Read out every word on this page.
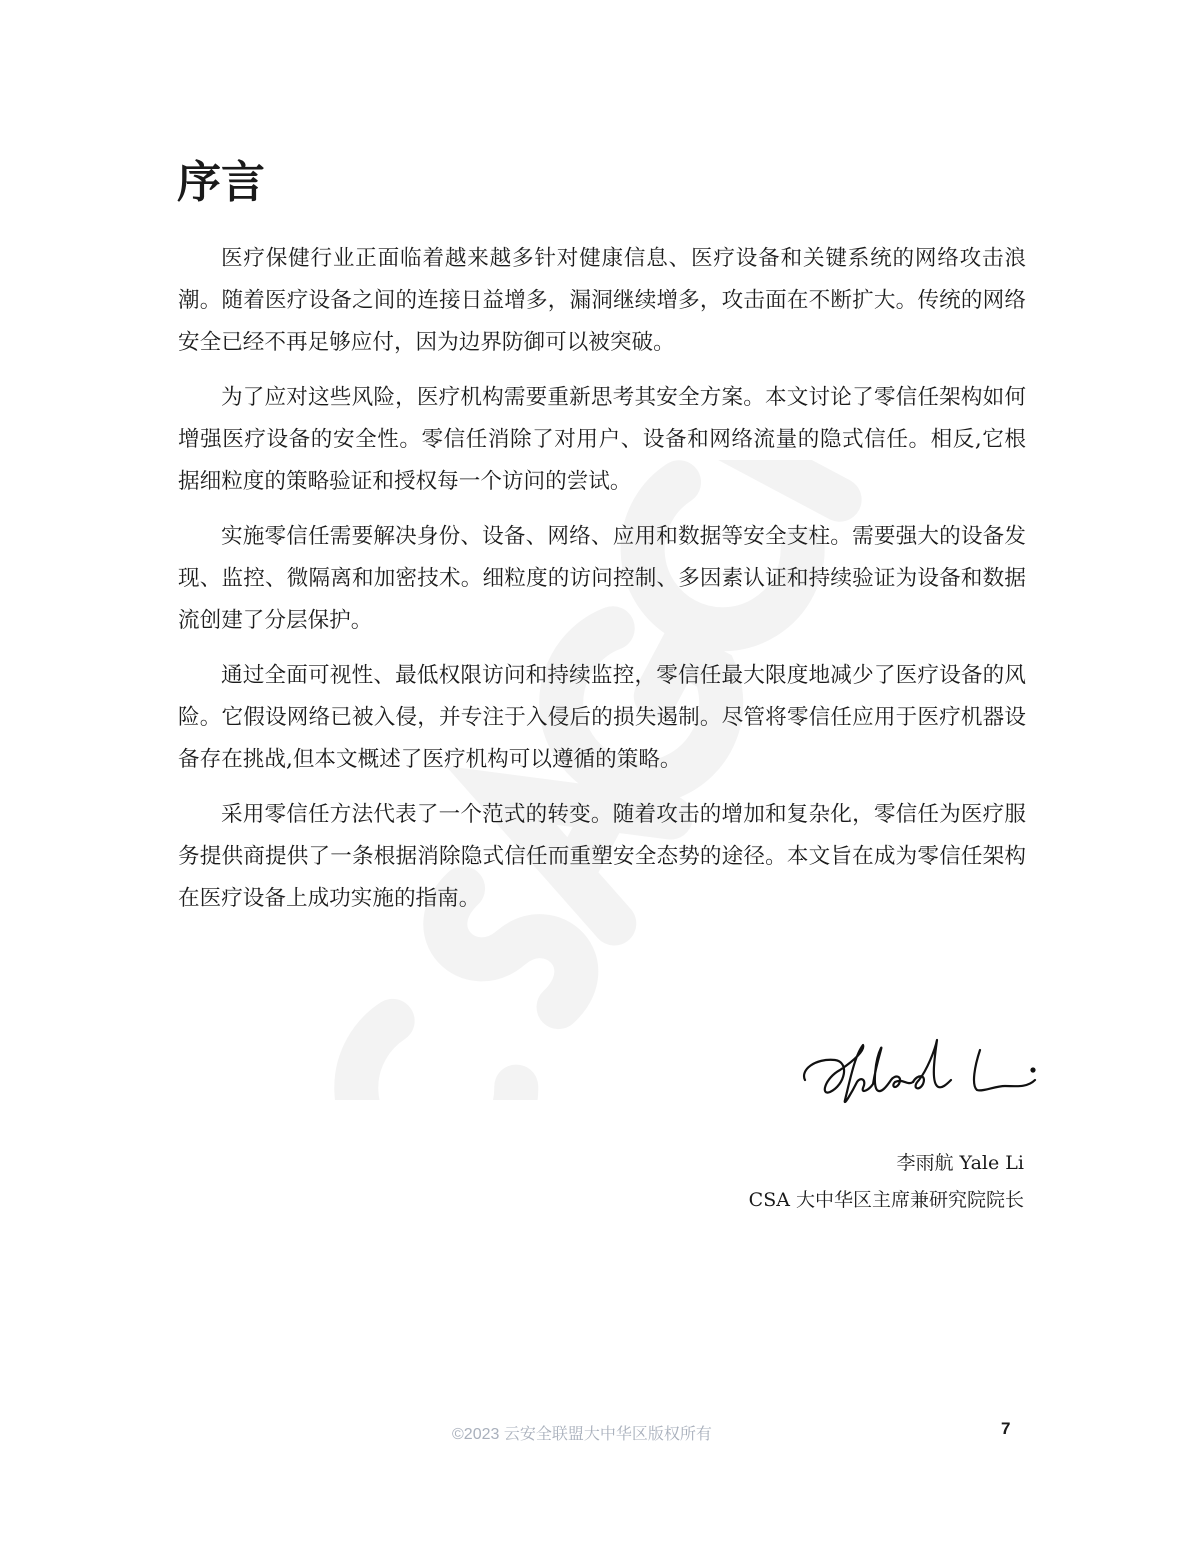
序言

医疗保健行业正面临着越来越多针对健康信息、医疗设备和关键系统的网络攻击浪潮。随着医疗设备之间的连接日益增多，漏洞继续增多，攻击面在不断扩大。传统的网络安全已经不再足够应付，因为边界防御可以被突破。

为了应对这些风险，医疗机构需要重新思考其安全方案。本文讨论了零信任架构如何增强医疗设备的安全性。零信任消除了对用户、设备和网络流量的隐式信任。相反,它根据细粒度的策略验证和授权每一个访问的尝试。

实施零信任需要解决身份、设备、网络、应用和数据等安全支柱。需要强大的设备发现、监控、微隔离和加密技术。细粒度的访问控制、多因素认证和持续验证为设备和数据流创建了分层保护。

通过全面可视性、最低权限访问和持续监控，零信任最大限度地减少了医疗设备的风险。它假设网络已被入侵，并专注于入侵后的损失遏制。尽管将零信任应用于医疗机器设备存在挑战,但本文概述了医疗机构可以遵循的策略。

采用零信任方法代表了一个范式的转变。随着攻击的增加和复杂化，零信任为医疗服务提供商提供了一条根据消除隐式信任而重塑安全态势的途径。本文旨在成为零信任架构在医疗设备上成功实施的指南。

李雨航 Yale Li
CSA 大中华区主席兼研究院院长
©2023 云安全联盟大中华区版权所有	7
